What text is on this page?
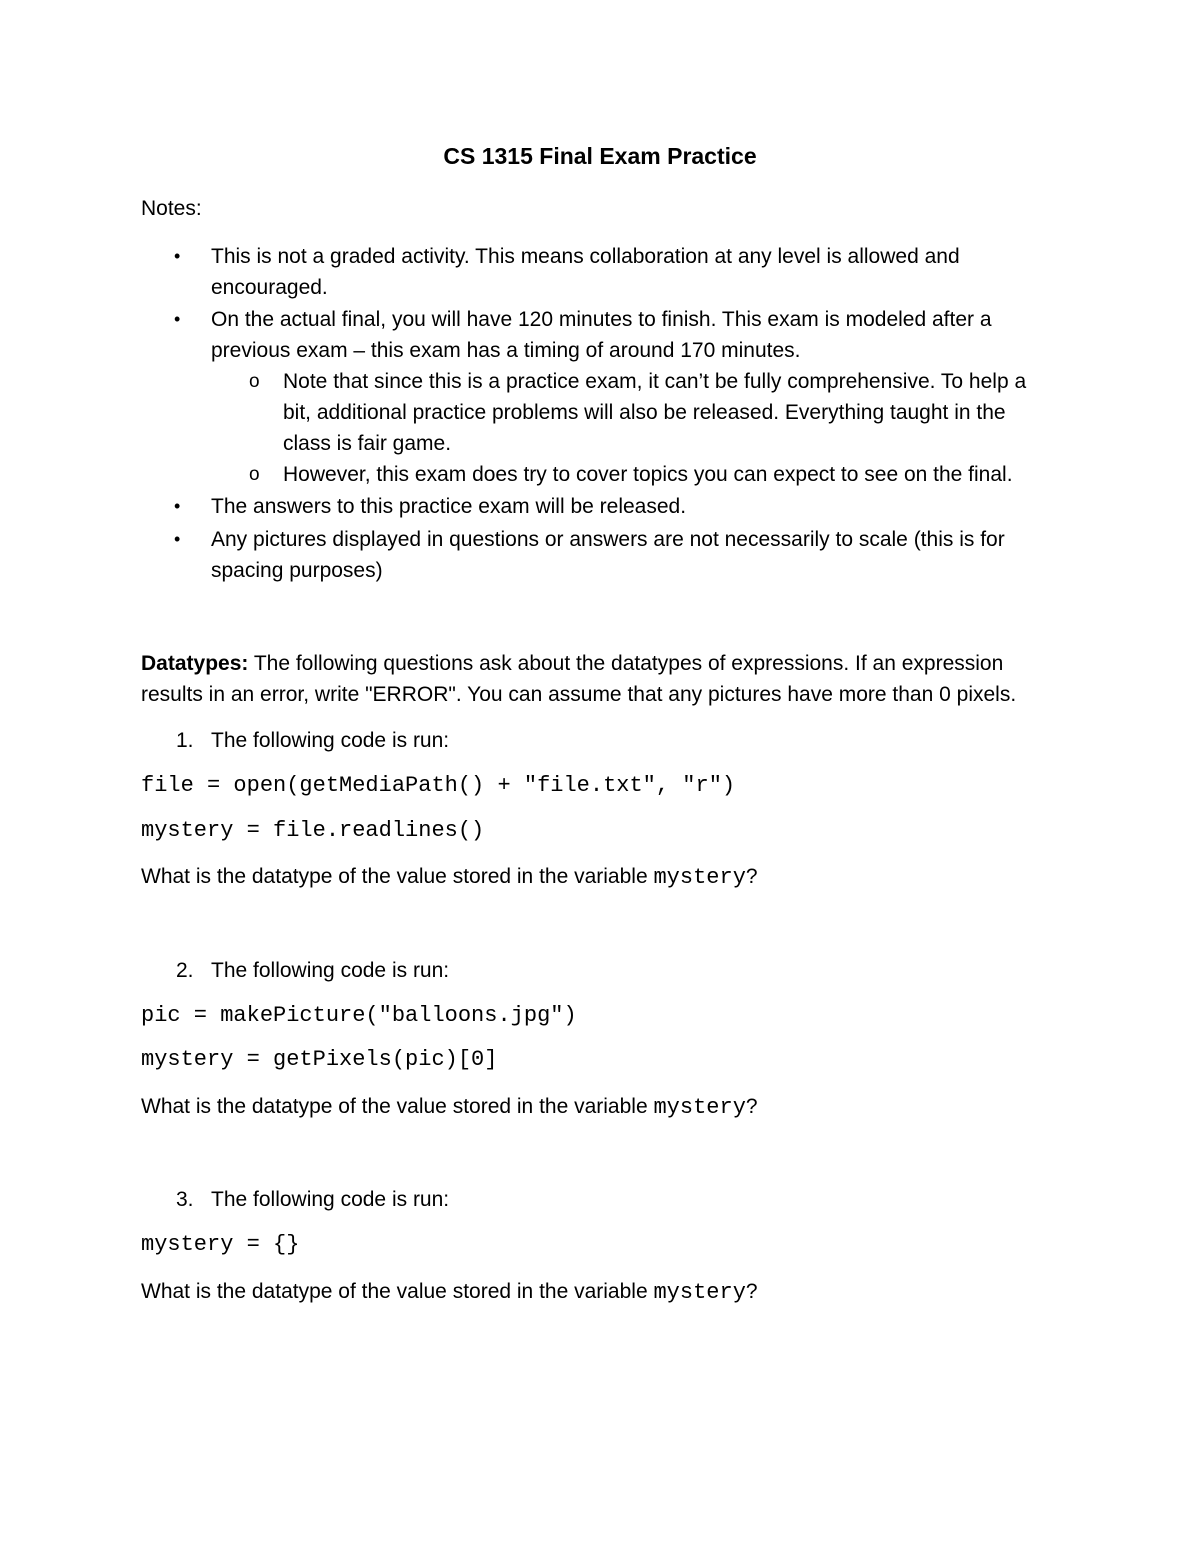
CS 1315 Final Exam Practice
Notes:
• This is not a graded activity. This means collaboration at any level is allowed and
encouraged.
• On the actual final, you will have 120 minutes to finish. This exam is modeled after a
previous exam – this exam has a timing of around 170 minutes.
o Note that since this is a practice exam, it can’t be fully comprehensive. To help a
bit, additional practice problems will also be released. Everything taught in the
class is fair game.
o However, this exam does try to cover topics you can expect to see on the final.
• The answers to this practice exam will be released.
• Any pictures displayed in questions or answers are not necessarily to scale (this is for
spacing purposes)
Datatypes: The following questions ask about the datatypes of expressions. If an expression
results in an error, write "ERROR". You can assume that any pictures have more than 0 pixels.
1. The following code is run:
file = open(getMediaPath() + "file.txt", "r")
mystery = file.readlines()
What is the datatype of the value stored in the variable mystery?
2. The following code is run:
pic = makePicture("balloons.jpg")
mystery = getPixels(pic)[0]
What is the datatype of the value stored in the variable mystery?
3. The following code is run:
mystery = {}
What is the datatype of the value stored in the variable mystery?
